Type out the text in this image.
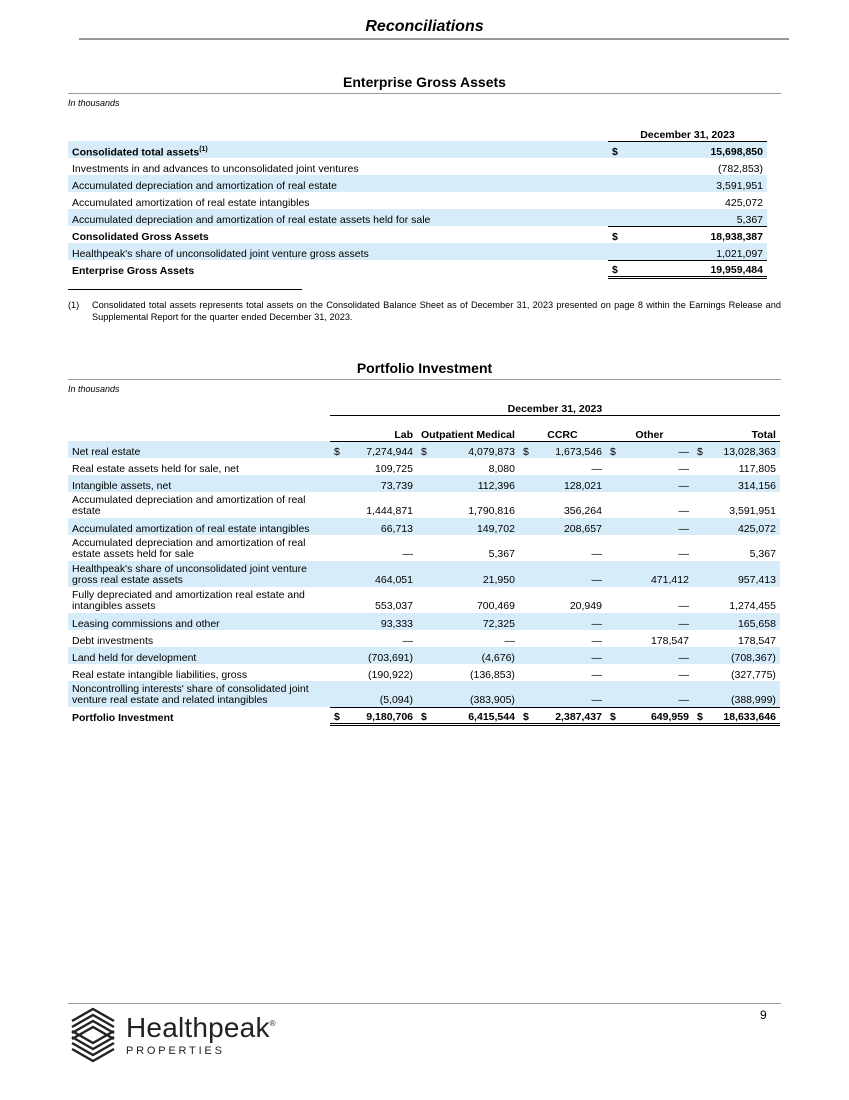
Reconciliations
Enterprise Gross Assets
In thousands
	December 31, 2023	
Consolidated total assets$^{(1)}$	$	15,698,850
Investments in and advances to unconsolidated joint ventures		(782,853)
Accumulated depreciation and amortization of real estate		3,591,951
Accumulated amortization of real estate intangibles		425,072
Accumulated depreciation and amortization of real estate assets held for sale		5,367
Consolidated Gross Assets	$	18,938,387
Healthpeak's share of unconsolidated joint venture gross assets		1,021,097
Enterprise Gross Assets	$	19,959,484
(1)	Consolidated total assets represents total assets on the Consolidated Balance Sheet as of December 31, 2023 presented on page 8 within the Earnings Release and Supplemental Report for the quarter ended December 31, 2023.
Portfolio Investment
In thousands
	December 31, 2023									
	Lab		Outpatient Medical		CCRC		Other		Total	
Net real estate	$	7,274,944	$	4,079,873	$	1,673,546	$	—	$	13,028,363
Real estate assets held for sale, net		109,725		8,080		—		—		117,805
Intangible assets, net		73,739		112,396		128,021		—		314,156
Accumulated depreciation and amortization of real estate		1,444,871		1,790,816		356,264		—		3,591,951
Accumulated amortization of real estate intangibles		66,713		149,702		208,657		—		425,072
Accumulated depreciation and amortization of real estate assets held for sale		—		5,367		—		—		5,367
Healthpeak's share of unconsolidated joint venture gross real estate assets		464,051		21,950		—		471,412		957,413
Fully depreciated and amortization real estate and intangibles assets		553,037		700,469		20,949		—		1,274,455
Leasing commissions and other		93,333		72,325		—		—		165,658
Debt investments		—		—		—		178,547		178,547
Land held for development		(703,691)		(4,676)		—		—		(708,367)
Real estate intangible liabilities, gross		(190,922)		(136,853)		—		—		(327,775)
Noncontrolling interests' share of consolidated joint venture real estate and related intangibles		(5,094)		(383,905)		—		—		(388,999)
Portfolio Investment	$	9,180,706	$	6,415,544	$	2,387,437	$	649,959	$	18,633,646
9
Healthpeak®
PROPERTIES
